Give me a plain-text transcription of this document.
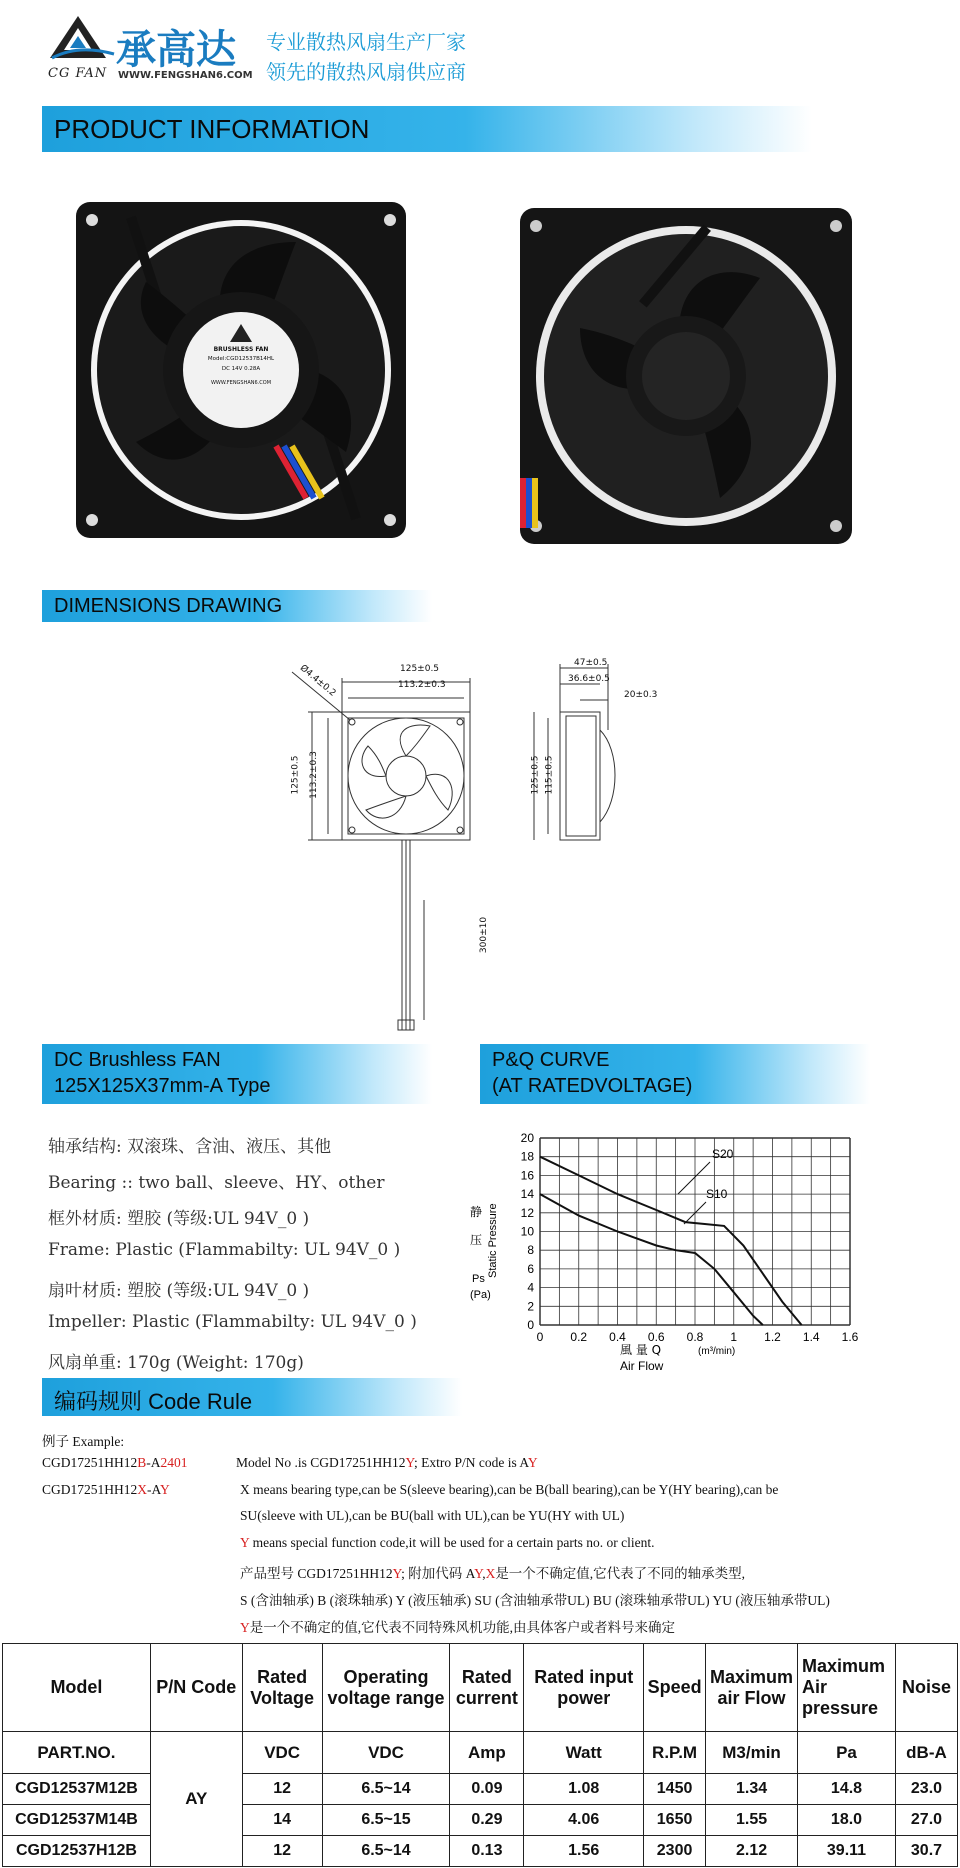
承高达
CG FAN WWW.FENGSHAN6.COM
专业散热风扇生产厂家
领先的散热风扇供应商
PRODUCT INFORMATION
BRUSHLESS FAN
Model:CGD12537B14HL
DC 14V 0.28A
WWW.FENGSHAN6.COM
DIMENSIONS DRAWING
125±0.5
113.2±0.3
Ø4.4±0.2
125±0.5 113.2±0.3
47±0.5
36.6±0.5
20±0.3
125±0.5 115±0.5
300±10
DC Brushless FAN
125X125X37mm-A Type
P&Q CURVE
(AT RATEDVOLTAGE)
轴承结构: 双滚珠、含油、液压、其他
Bearing :: two ball、sleeve、HY、other
框外材质: 塑胶 (等级:UL 94V_0 )
Frame: Plastic (Flammabilty: UL 94V_0 )
扇叶材质: 塑胶 (等级:UL 94V_0 )
Impeller: Plastic (Flammabilty: UL 94V_0 )
风扇单重: 170g (Weight: 170g)
0 0.2 0.4 0.6 0.8 1 1.2 1.4 1.6
0
2
4
6
8
10
12
14
16
18
20
S20
S10
静
压 Static Pressure
Ps
(Pa)
風 量 Q	(m³/min)
Air Flow
编码规则 Code Rule
例子 Example:
CGD17251HH12B-A2401	Model No .is CGD17251HH12Y; Extro P/N code is AY
CGD17251HH12X-AY	X means bearing type,can be S(sleeve bearing),can be B(ball bearing),can be Y(HY bearing),can be
SU(sleeve with UL),can be BU(ball with UL),can be YU(HY with UL)
Y means special function code,it will be used for a certain parts no. or client.
产品型号 CGD17251HH12Y; 附加代码 AY,X是一个不确定值,它代表了不同的轴承类型,
S (含油轴承) B (滚珠轴承) Y (液压轴承) SU (含油轴承带UL) BU (滚珠轴承带UL) YU (液压轴承带UL)
Y是一个不确定的值,它代表不同特殊风机功能,由具体客户或者料号来确定
Model	P/N Code	Rated Voltage	Operating voltage range	Rated current	Rated input power	Speed	Maximum air Flow	Maximum Air pressure	Noise
PART.NO.	AY	VDC	VDC	Amp	Watt	R.P.M	M3/min	Pa	dB-A
CGD12537M12B		12	6.5~14	0.09	1.08	1450	1.34	14.8	23.0
CGD12537M14B		14	6.5~15	0.29	4.06	1650	1.55	18.0	27.0
CGD12537H12B		12	6.5~14	0.13	1.56	2300	2.12	39.11	30.7
